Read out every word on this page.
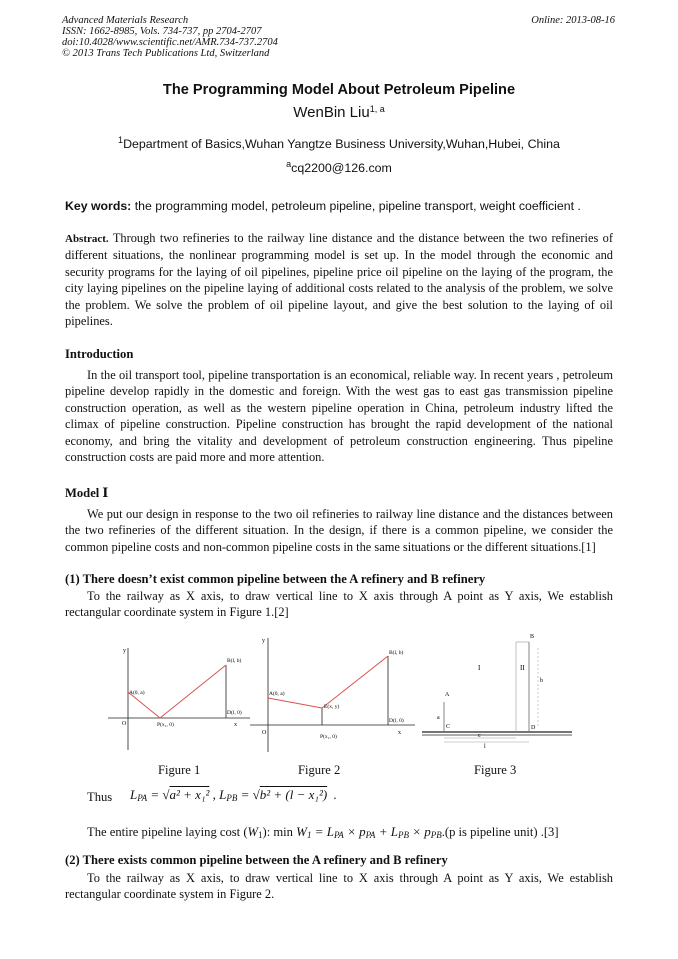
Advanced Materials Research
ISSN: 1662-8985, Vols. 734-737, pp 2704-2707
doi:10.4028/www.scientific.net/AMR.734-737.2704
© 2013 Trans Tech Publications Ltd, Switzerland
Online: 2013-08-16
The Programming Model About Petroleum Pipeline
WenBin Liu$^{1, a}$
$^1$Department of Basics,Wuhan Yangtze Business University,Wuhan,Hubei, China
$^a$cq2200@126.com
Key words: the programming model, petroleum pipeline, pipeline transport, weight coefficient .
Abstract. Through two refineries to the railway line distance and the distance between the two refineries of different situations, the nonlinear programming model is set up. In the model through the economic and security programs for the laying of oil pipelines, pipeline price oil pipeline on the laying of the program, the city laying pipelines on the pipeline laying of additional costs related to the analysis of the problem, we solve the problem. We solve the problem of oil pipeline layout, and give the best solution to the laying of oil pipelines.
Introduction
In the oil transport tool, pipeline transportation is an economical, reliable way. In recent years , petroleum pipeline develop rapidly in the domestic and foreign. With the west gas to east gas transmission pipeline construction operation, as well as the western pipeline operation in China, petroleum industry lifted the climax of pipeline construction. Pipeline construction has brought the rapid development of the national economy, and bring the vitality and development of petroleum construction engineering. Thus pipeline construction costs are paid more and more attention.
Model Ⅰ
We put our design in response to the two oil refineries to railway line distance and the distances between the two refineries of the different situation. In the design, if there is a common pipeline, we consider the common pipeline costs and non-common pipeline costs in the same situations or the different situations.[1]
(1) There doesn’t exist common pipeline between the A refinery and B refinery
To the railway as X axis, to draw vertical line to X axis through A point as Y axis, We establish rectangular coordinate system in Figure 1.[2]
y
A(0, a)
B(l, b)
D(l, 0)
P(x₁, 0)
O	x
y
A(0, a)
B(l, b)
D(l, 0)
E(x, y)
P(x₁, 0)
O	x
A
a
C
I	II
B
b
D
c
l
Figure 1	Figure 2	Figure 3
Thus $L_{PA} = √a^2 + x_1^2$ , $L_{PB} = √b^2 + (l - x_1^2)$  .
The entire pipeline laying cost $(W_1)$: $\min W_1 = L_{PA} \times p_{PA} + L_{PB} \times p_{PB}.(p$ is pipeline unit) .[3]
(2) There exists common pipeline between the A refinery and B refinery
To the railway as X axis, to draw vertical line to X axis through A point as Y axis, We establish rectangular coordinate system in Figure 2.
